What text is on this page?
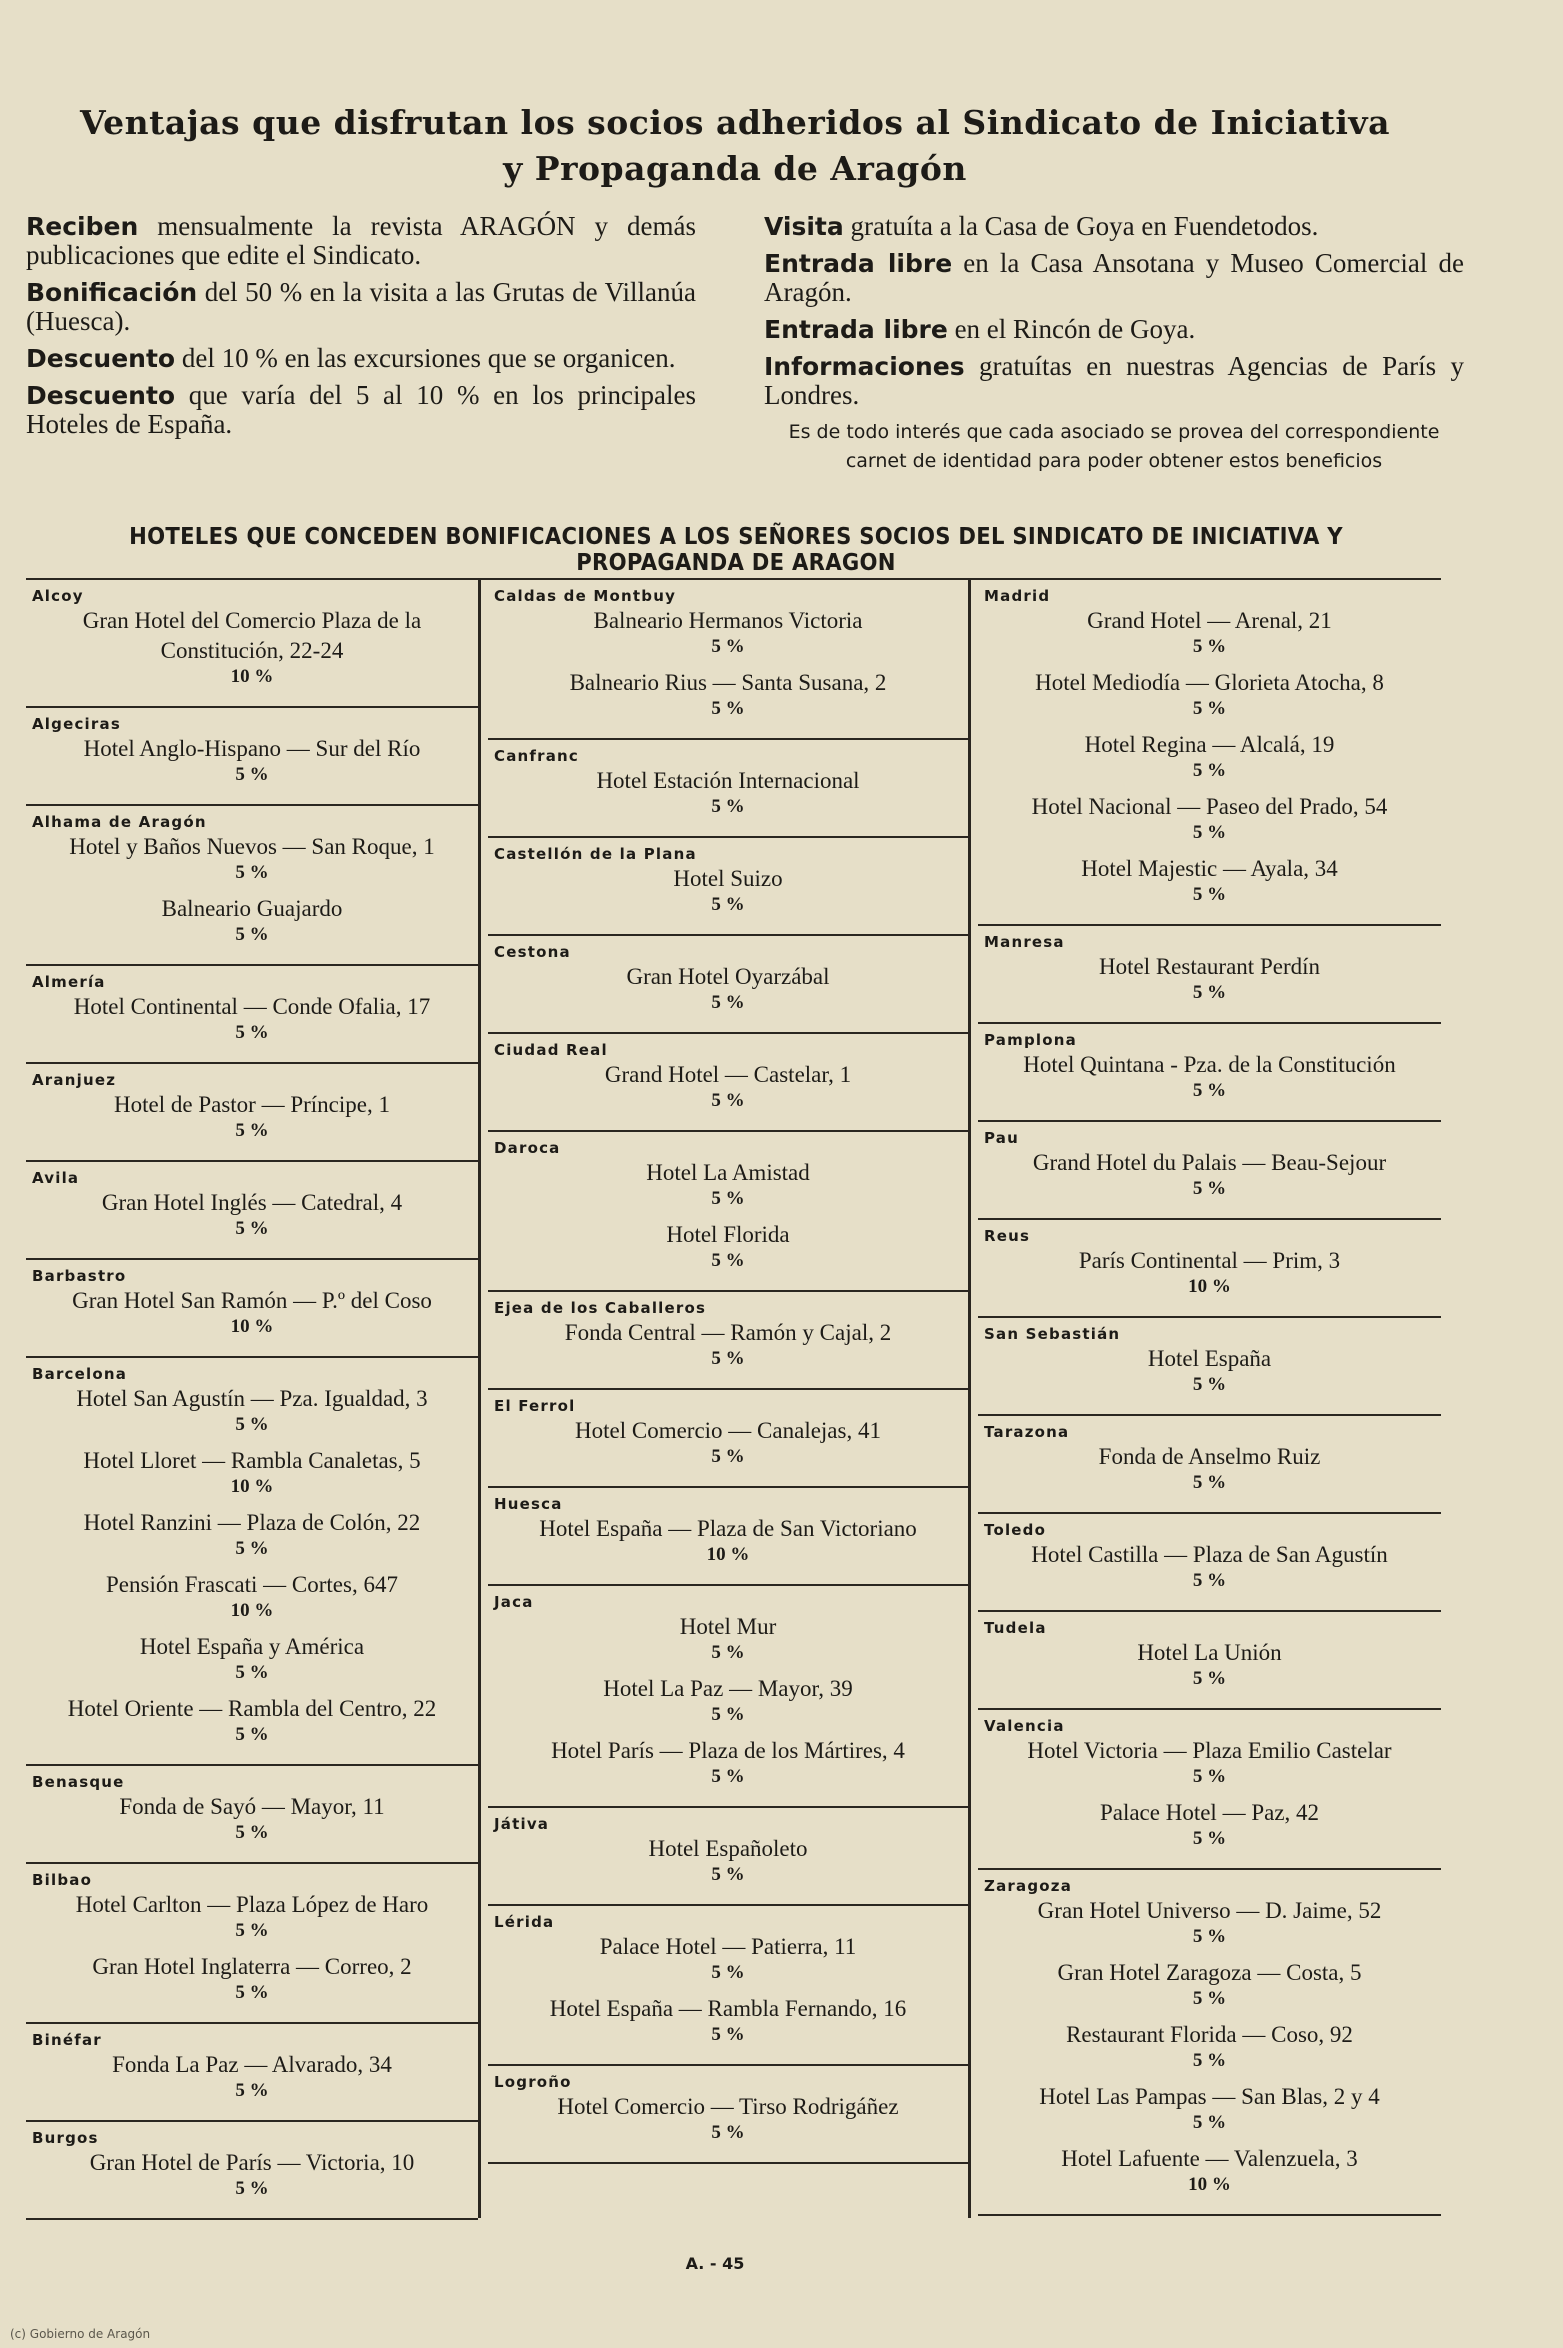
Ventajas que disfrutan los socios adheridos al Sindicato de Iniciativa
y Propaganda de Aragón
Reciben mensualmente la revista ARAGÓN y demás publicaciones que edite el Sindicato.
Bonificación del 50 % en la visita a las Grutas de Villanúa (Huesca).
Descuento del 10 % en las excursiones que se organicen.
Descuento que varía del 5 al 10 % en los principales Hoteles de España.
Visita gratuíta a la Casa de Goya en Fuendetodos.
Entrada libre en la Casa Ansotana y Museo Comercial de Aragón.
Entrada libre en el Rincón de Goya.
Informaciones gratuítas en nuestras Agencias de París y Londres.
Es de todo interés que cada asociado se provea del correspondiente carnet de identidad para poder obtener estos beneficios
HOTELES QUE CONCEDEN BONIFICACIONES A LOS SEÑORES SOCIOS DEL SINDICATO DE INICIATIVA Y PROPAGANDA DE ARAGON
Alcoy
Gran Hotel del Comercio Plaza de la Constitución, 22-24
10 %
Algeciras
Hotel Anglo-Hispano — Sur del Río
5 %
Alhama de Aragón
Hotel y Baños Nuevos — San Roque, 1
5 %
Balneario Guajardo
5 %
Almería
Hotel Continental — Conde Ofalia, 17
5 %
Aranjuez
Hotel de Pastor — Príncipe, 1
5 %
Avila
Gran Hotel Inglés — Catedral, 4
5 %
Barbastro
Gran Hotel San Ramón — P.º del Coso
10 %
Barcelona
Hotel San Agustín — Pza. Igualdad, 3
5 %
Hotel Lloret — Rambla Canaletas, 5
10 %
Hotel Ranzini — Plaza de Colón, 22
5 %
Pensión Frascati — Cortes, 647
10 %
Hotel España y América
5 %
Hotel Oriente — Rambla del Centro, 22
5 %
Benasque
Fonda de Sayó — Mayor, 11
5 %
Bilbao
Hotel Carlton — Plaza López de Haro
5 %
Gran Hotel Inglaterra — Correo, 2
5 %
Binéfar
Fonda La Paz — Alvarado, 34
5 %
Burgos
Gran Hotel de París — Victoria, 10
5 %
Caldas de Montbuy
Balneario Hermanos Victoria
5 %
Balneario Rius — Santa Susana, 2
5 %
Canfranc
Hotel Estación Internacional
5 %
Castellón de la Plana
Hotel Suizo
5 %
Cestona
Gran Hotel Oyarzábal
5 %
Ciudad Real
Grand Hotel — Castelar, 1
5 %
Daroca
Hotel La Amistad
5 %
Hotel Florida
5 %
Ejea de los Caballeros
Fonda Central — Ramón y Cajal, 2
5 %
El Ferrol
Hotel Comercio — Canalejas, 41
5 %
Huesca
Hotel España — Plaza de San Victoriano
10 %
Jaca
Hotel Mur
5 %
Hotel La Paz — Mayor, 39
5 %
Hotel París — Plaza de los Mártires, 4
5 %
Játiva
Hotel Españoleto
5 %
Lérida
Palace Hotel — Patierra, 11
5 %
Hotel España — Rambla Fernando, 16
5 %
Logroño
Hotel Comercio — Tirso Rodrigáñez
5 %
Madrid
Grand Hotel — Arenal, 21
5 %
Hotel Mediodía — Glorieta Atocha, 8
5 %
Hotel Regina — Alcalá, 19
5 %
Hotel Nacional — Paseo del Prado, 54
5 %
Hotel Majestic — Ayala, 34
5 %
Manresa
Hotel Restaurant Perdín
5 %
Pamplona
Hotel Quintana - Pza. de la Constitución
5 %
Pau
Grand Hotel du Palais — Beau-Sejour
5 %
Reus
París Continental — Prim, 3
10 %
San Sebastián
Hotel España
5 %
Tarazona
Fonda de Anselmo Ruiz
5 %
Toledo
Hotel Castilla — Plaza de San Agustín
5 %
Tudela
Hotel La Unión
5 %
Valencia
Hotel Victoria — Plaza Emilio Castelar
5 %
Palace Hotel — Paz, 42
5 %
Zaragoza
Gran Hotel Universo — D. Jaime, 52
5 %
Gran Hotel Zaragoza — Costa, 5
5 %
Restaurant Florida — Coso, 92
5 %
Hotel Las Pampas — San Blas, 2 y 4
5 %
Hotel Lafuente — Valenzuela, 3
10 %
A. - 45
(c) Gobierno de Aragón
